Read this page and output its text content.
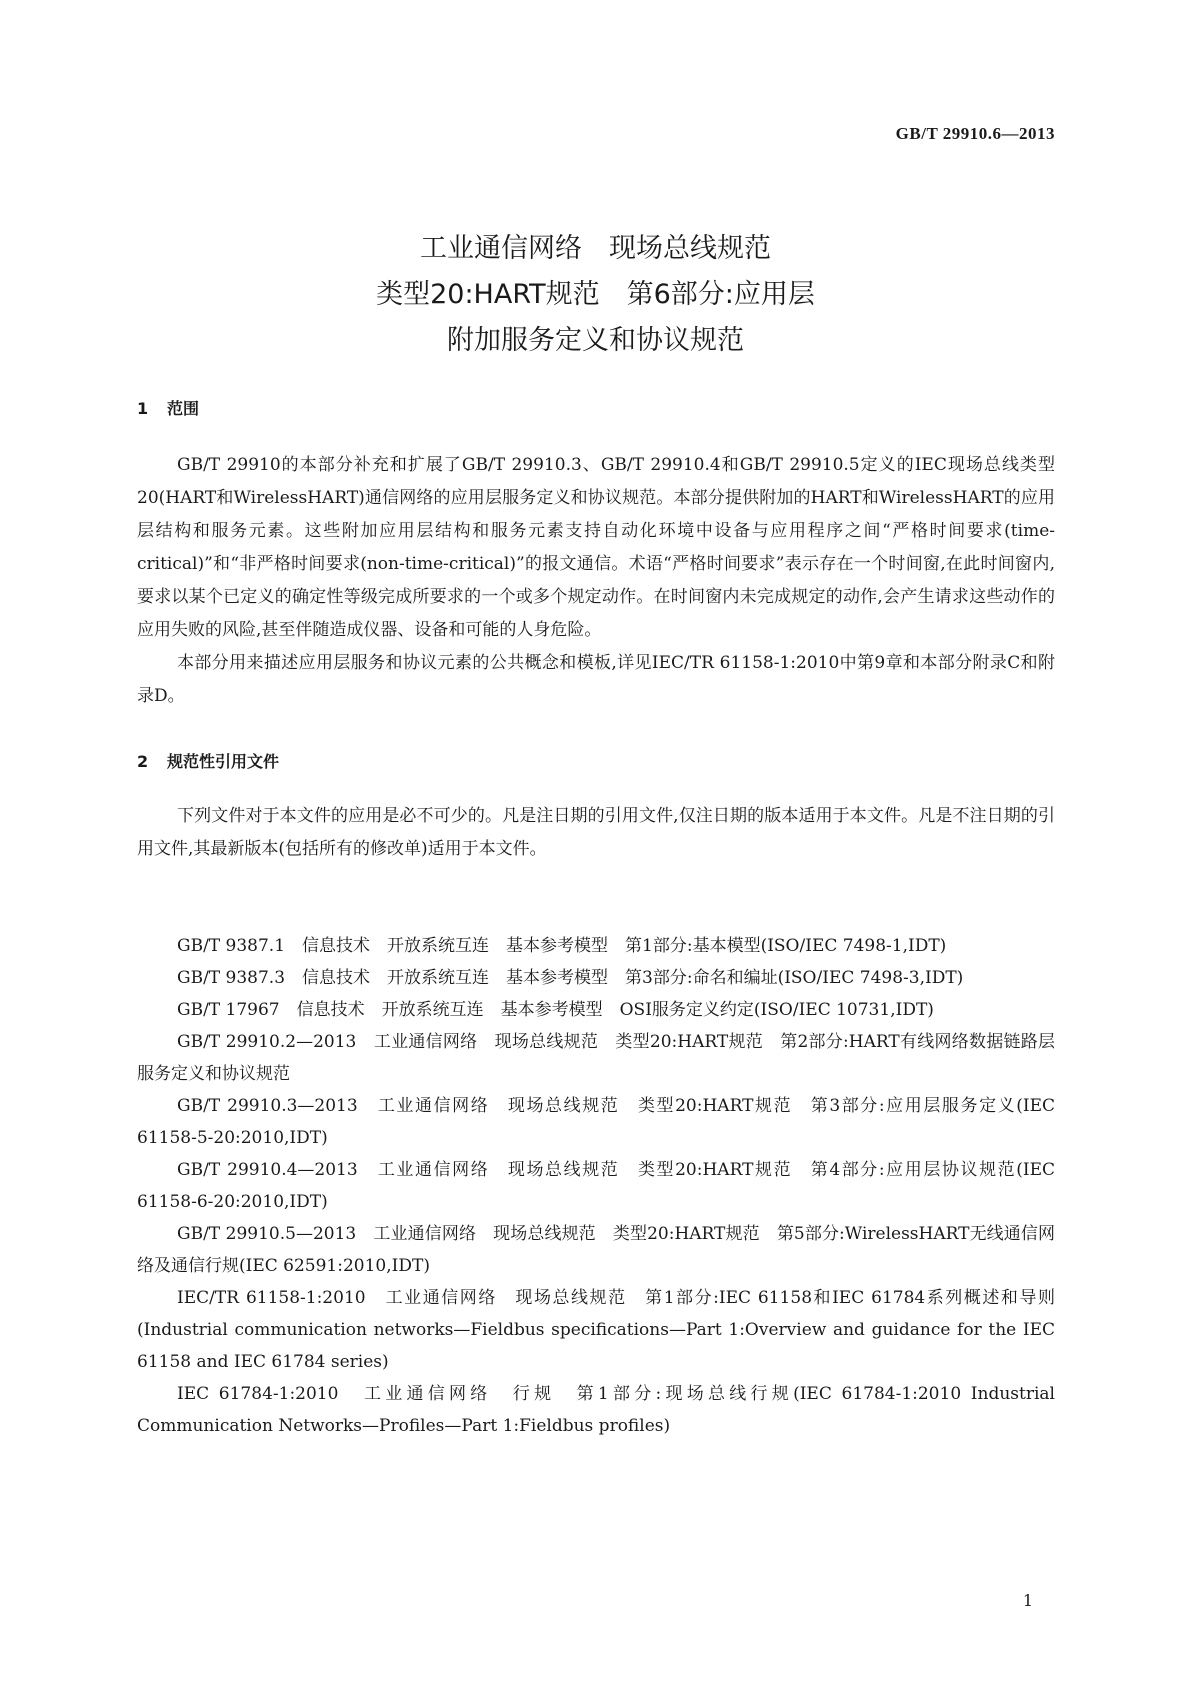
GB/T 29910.6—2013
工业通信网络　现场总线规范
类型20:HART规范　第6部分:应用层
附加服务定义和协议规范
1 范围

GB/T 29910的本部分补充和扩展了GB/T 29910.3、GB/T 29910.4和GB/T 29910.5定义的IEC现场总线类型20(HART和WirelessHART)通信网络的应用层服务定义和协议规范。本部分提供附加的HART和WirelessHART的应用层结构和服务元素。这些附加应用层结构和服务元素支持自动化环境中设备与应用程序之间“严格时间要求(time-critical)”和“非严格时间要求(non-time-critical)”的报文通信。术语“严格时间要求”表示存在一个时间窗,在此时间窗内,要求以某个已定义的确定性等级完成所要求的一个或多个规定动作。在时间窗内未完成规定的动作,会产生请求这些动作的应用失败的风险,甚至伴随造成仪器、设备和可能的人身危险。

本部分用来描述应用层服务和协议元素的公共概念和模板,详见IEC/TR 61158-1:2010中第9章和本部分附录C和附录D。

2 规范性引用文件

下列文件对于本文件的应用是必不可少的。凡是注日期的引用文件,仅注日期的版本适用于本文件。凡是不注日期的引用文件,其最新版本(包括所有的修改单)适用于本文件。

GB/T 9387.1　信息技术　开放系统互连　基本参考模型　第1部分:基本模型(ISO/IEC 7498-1,IDT)

GB/T 9387.3　信息技术　开放系统互连　基本参考模型　第3部分:命名和编址(ISO/IEC 7498-3,IDT)

GB/T 17967　信息技术　开放系统互连　基本参考模型　OSI服务定义约定(ISO/IEC 10731,IDT)

GB/T 29910.2—2013　工业通信网络　现场总线规范　类型20:HART规范　第2部分:HART有线网络数据链路层服务定义和协议规范

GB/T 29910.3—2013　工业通信网络　现场总线规范　类型20:HART规范　第3部分:应用层服务定义(IEC 61158-5-20:2010,IDT)

GB/T 29910.4—2013　工业通信网络　现场总线规范　类型20:HART规范　第4部分:应用层协议规范(IEC 61158-6-20:2010,IDT)

GB/T 29910.5—2013　工业通信网络　现场总线规范　类型20:HART规范　第5部分:WirelessHART无线通信网络及通信行规(IEC 62591:2010,IDT)

IEC/TR 61158-1:2010　工业通信网络　现场总线规范　第1部分:IEC 61158和IEC 61784系列概述和导则(Industrial communication networks—Fieldbus specifications—Part 1:Overview and guidance for the IEC 61158 and IEC 61784 series)

IEC 61784-1:2010　工业通信网络　行规　第1部分:现场总线行规(IEC 61784-1:2010 Industrial Communication Networks—Profiles—Part 1:Fieldbus profiles)

1
